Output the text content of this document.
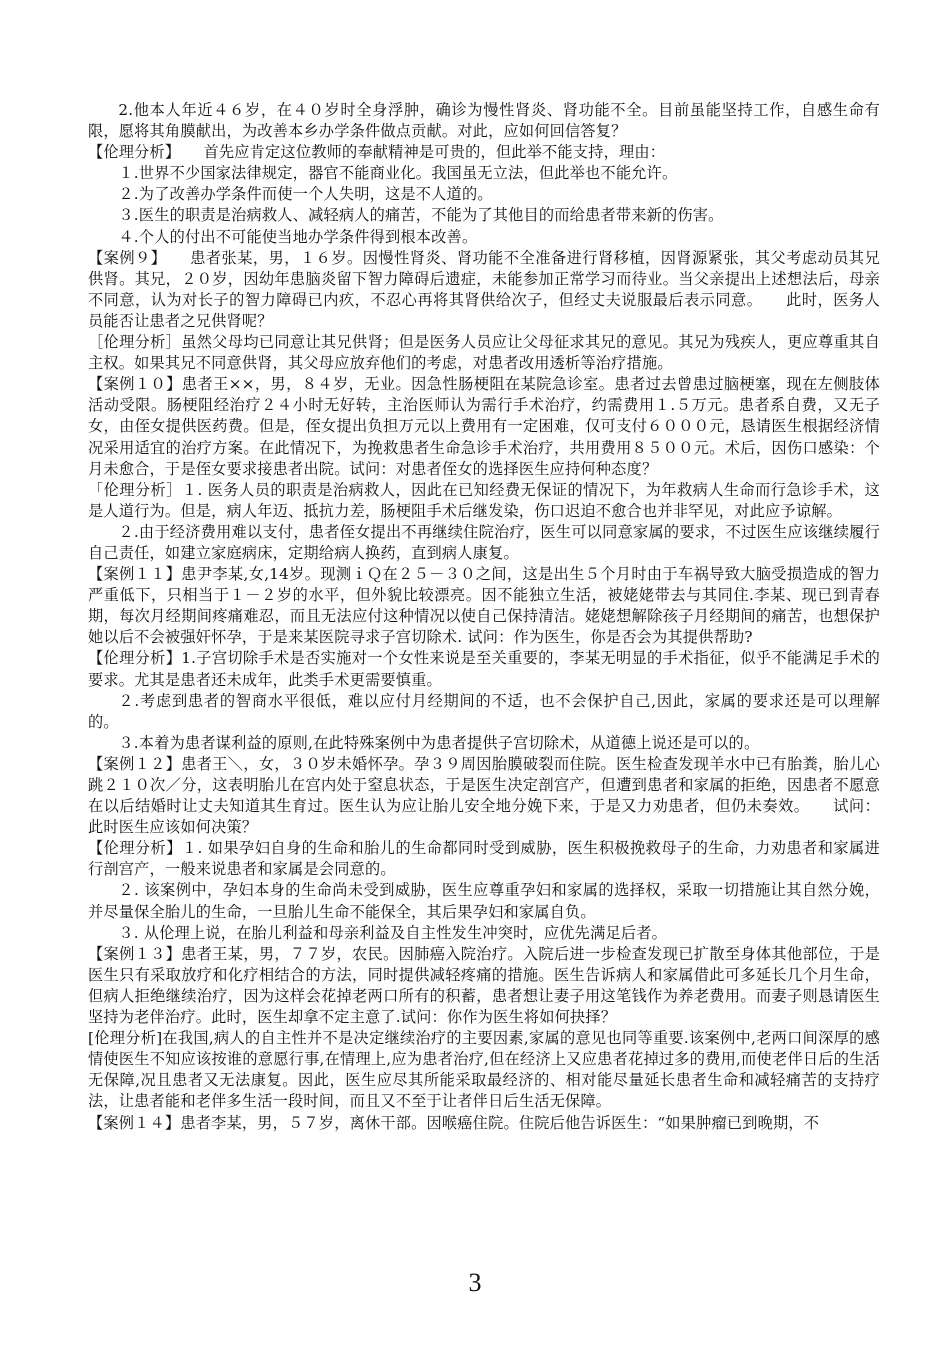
2.他本人年近４６岁，在４０岁时全身浮肿，确诊为慢性肾炎、肾功能不全。目前虽能坚持工作，自感生命有限，愿将其角膜献出，为改善本乡办学条件做点贡献。对此，应如何回信答复？

【伦理分析】　　首先应肯定这位教师的奉献精神是可贵的，但此举不能支持，理由：

１.世界不少国家法律规定，器官不能商业化。我国虽无立法，但此举也不能允许。

２.为了改善办学条件而使一个人失明，这是不人道的。

３.医生的职责是治病救人、减轻病人的痛苦，不能为了其他目的而给患者带来新的伤害。

４.个人的付出不可能使当地办学条件得到根本改善。

【案例９】　　患者张某，男，１６岁。因慢性肾炎、肾功能不全准备进行肾移植，因肾源紧张，其父考虑动员其兄供肾。其兄，２０岁，因幼年患脑炎留下智力障碍后遗症，未能参加正常学习而待业。当父亲提出上述想法后，母亲不同意，认为对长子的智力障碍已内疚，不忍心再将其肾供给次子，但经丈夫说服最后表示同意。　　此时，医务人员能否让患者之兄供肾呢？

［伦理分析］虽然父母均已同意让其兄供肾；但是医务人员应让父母征求其兄的意见。其兄为残疾人，更应尊重其自主权。如果其兄不同意供肾，其父母应放弃他们的考虑，对患者改用透析等治疗措施。

【案例１０】患者王××，男，８４岁，无业。因急性肠梗阻在某院急诊室。患者过去曾患过脑梗塞，现在左侧肢体活动受限。肠梗阻经治疗２４小时无好转，主治医师认为需行手术治疗，约需费用１.５万元。患者系自费，又无子女，由侄女提供医药费。但是，侄女提出负担万元以上费用有一定困难，仅可支付６０００元，恳请医生根据经济情况采用适宜的治疗方案。在此情况下，为挽救患者生命急诊手术治疗，共用费用８５００元。术后，因伤口感染：个月未愈合，于是侄女要求接患者出院。试问：对患者侄女的选择医生应持何种态度？

「伦理分析］１. 医务人员的职责是治病救人，因此在已知经费无保证的情况下，为年救病人生命而行急诊手术，这是人道行为。但是，病人年迈、抵抗力差，肠梗阻手术后继发染，伤口迟迫不愈合也并非罕见，对此应予谅解。

２.由于经济费用难以支付，患者侄女提出不再继续住院治疗，医生可以同意家属的要求，不过医生应该继续履行自己责任，如建立家庭病床，定期给病人换药，直到病人康复。

【案例１１】患尹李某,女,14岁。现测ｉＱ在２５－３０之间，这是出生５个月时由于车祸导致大脑受损造成的智力严重低下，只相当于１－２岁的水平，但外貌比较漂亮。因不能独立生活，被姥姥带去与其同住.李某、现已到青春期，每次月经期间疼痛难忍，而且无法应付这种情况以使自己保持清洁。姥姥想解除孩子月经期间的痛苦，也想保护她以后不会被强奸怀孕，于是来某医院寻求子宫切除术. 试问：作为医生，你是否会为其提供帮助?

【伦理分析】1.子宫切除手术是否实施对一个女性来说是至关重要的，李某无明显的手术指征，似乎不能满足手术的要求。尤其是患者还未成年，此类手术更需要慎重。

２.考虑到患者的智商水平很低，难以应付月经期间的不适，也不会保护自己,因此，家属的要求还是可以理解的。

３.本着为患者谋利益的原则,在此特殊案例中为患者提供子宫切除术，从道德上说还是可以的。

【案例１２】患者王＼，女，３０岁未婚怀孕。孕３９周因胎膜破裂而住院。医生检查发现羊水中已有胎粪，胎儿心跳２１０次／分，这表明胎儿在宫内处于窒息状态，于是医生决定剖宫产，但遭到患者和家属的拒绝，因患者不愿意在以后结婚时让丈夫知道其生育过。医生认为应让胎儿安全地分娩下来，于是又力劝患者，但仍未奏效。　　试问：此时医生应该如何决策？

【伦理分析】１. 如果孕妇自身的生命和胎儿的生命都同时受到威胁，医生积极挽救母子的生命，力劝患者和家属进行剖宫产，一般来说患者和家属是会同意的。

２. 该案例中，孕妇本身的生命尚未受到威胁，医生应尊重孕妇和家属的选择权，采取一切措施让其自然分娩，并尽量保全胎儿的生命，一旦胎儿生命不能保全，其后果孕妇和家属自负。

３. 从伦理上说，在胎儿利益和母亲利益及自主性发生冲突时，应优先满足后者。

【案例１３】患者王某，男，７７岁，农民。因肺癌入院治疗。入院后进一步检查发现已扩散至身体其他部位，于是医生只有采取放疗和化疗相结合的方法，同时提供减轻疼痛的措施。医生告诉病人和家属借此可多延长几个月生命，但病人拒绝继续治疗，因为这样会花掉老两口所有的积蓄，患者想让妻子用这笔钱作为养老费用。而妻子则恳请医生坚持为老伴治疗。此时，医生却拿不定主意了.试问：你作为医生将如何抉择？

[伦理分析]在我国,病人的自主性并不是决定继续治疗的主要因素,家属的意见也同等重要.该案例中,老两口间深厚的感情使医生不知应该按谁的意愿行事,在情理上,应为患者治疗,但在经济上又应患者花掉过多的费用,而使老伴日后的生活无保障,况且患者又无法康复。因此，医生应尽其所能采取最经济的、相对能尽量延长患者生命和减轻痛苦的支持疗法，让患者能和老伴多生活一段时间，而且又不至于让者伴日后生活无保障。

【案例１４】患者李某，男，５７岁，离休干部。因喉癌住院。住院后他告诉医生：“如果肿瘤已到晚期，不

3
